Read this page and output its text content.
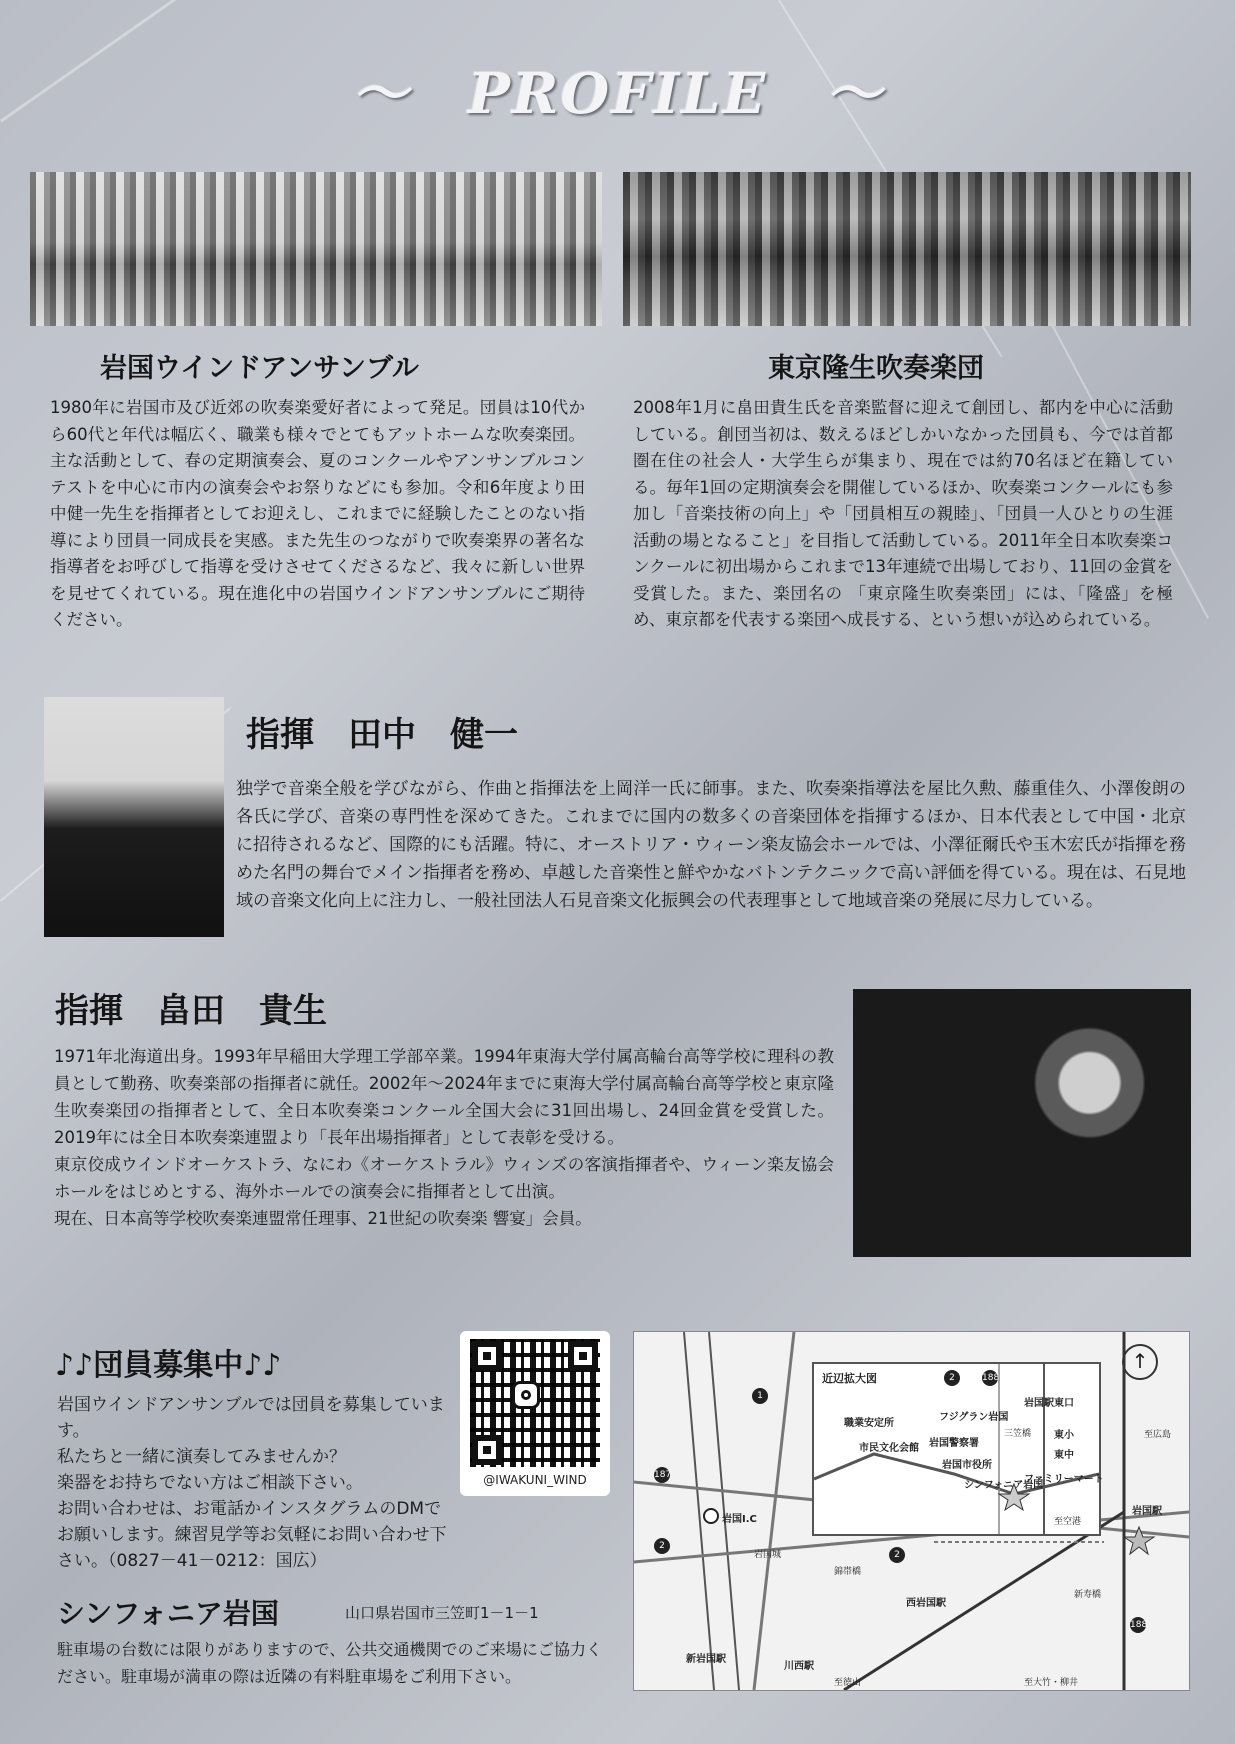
〜　PROFILE　〜
岩国ウインドアンサンブル
1980年に岩国市及び近郊の吹奏楽愛好者によって発足。団員は10代から60代と年代は幅広く、職業も様々でとてもアットホームな吹奏楽団。主な活動として、春の定期演奏会、夏のコンクールやアンサンブルコンテストを中心に市内の演奏会やお祭りなどにも参加。令和6年度より田中健一先生を指揮者としてお迎えし、これまでに経験したことのない指導により団員一同成長を実感。また先生のつながりで吹奏楽界の著名な指導者をお呼びして指導を受けさせてくださるなど、我々に新しい世界を見せてくれている。現在進化中の岩国ウインドアンサンブルにご期待ください。
東京隆生吹奏楽団
2008年1月に畠田貴生氏を音楽監督に迎えて創団し、都内を中心に活動している。創団当初は、数えるほどしかいなかった団員も、今では首都圏在住の社会人・大学生らが集まり、現在では約70名ほど在籍している。毎年1回の定期演奏会を開催しているほか、吹奏楽コンクールにも参加し「音楽技術の向上」や「団員相互の親睦」、「団員一人ひとりの生涯活動の場となること」を目指して活動している。2011年全日本吹奏楽コンクールに初出場からこれまで13年連続で出場しており、11回の金賞を受賞した。また、楽団名の 「東京隆生吹奏楽団」には、「隆盛」を極め、東京都を代表する楽団へ成長する、という想いが込められている。
指揮　田中　健一
独学で音楽全般を学びながら、作曲と指揮法を上岡洋一氏に師事。また、吹奏楽指導法を屋比久勲、藤重佳久、小澤俊朗の各氏に学び、音楽の専門性を深めてきた。これまでに国内の数多くの音楽団体を指揮するほか、日本代表として中国・北京に招待されるなど、国際的にも活躍。特に、オーストリア・ウィーン楽友協会ホールでは、小澤征爾氏や玉木宏氏が指揮を務めた名門の舞台でメイン指揮者を務め、卓越した音楽性と鮮やかなバトンテクニックで高い評価を得ている。現在は、石見地域の音楽文化向上に注力し、一般社団法人石見音楽文化振興会の代表理事として地域音楽の発展に尽力している。
指揮　畠田　貴生
1971年北海道出身。1993年早稲田大学理工学部卒業。1994年東海大学付属高輪台高等学校に理科の教員として勤務、吹奏楽部の指揮者に就任。2002年〜2024年までに東海大学付属高輪台高等学校と東京隆生吹奏楽団の指揮者として、全日本吹奏楽コンクール全国大会に31回出場し、24回金賞を受賞した。2019年には全日本吹奏楽連盟より「長年出場指揮者」として表彰を受ける。
東京佼成ウインドオーケストラ、なにわ《オーケストラル》ウィンズの客演指揮者や、ウィーン楽友協会ホールをはじめとする、海外ホールでの演奏会に指揮者として出演。
現在、日本高等学校吹奏楽連盟常任理事、21世紀の吹奏楽 響宴」会員。
♪♪団員募集中♪♪
岩国ウインドアンサンブルでは団員を募集しています。
私たちと一緒に演奏してみませんか？
楽器をお持ちでない方はご相談下さい。
お問い合わせは、お電話かインスタグラムのDMでお願いします。練習見学等お気軽にお問い合わせ下さい。（0827－41－0212：国広）
@IWAKUNI_WIND
シンフォニア岩国	山口県岩国市三笠町1－1－1
駐車場の台数には限りがありますので、公共交通機関でのご来場にご協力ください。駐車場が満車の際は近隣の有料駐車場をご利用下さい。
1
2
2
187
188
岩国I.C
岩国城
錦帯橋
西岩国駅
川西駅
新岩国駅
岩国駅
新寿橋
至徳山	至大竹・柳井
至広島
↑
近辺拡大図	2	188
岩国駅東口
職業安定所
フジグラン岩国
市民文化会館 岩国警察署
岩国市役所
三笠橋 東小
東中
シンフォニア岩国
ファミリーマート
至空港
